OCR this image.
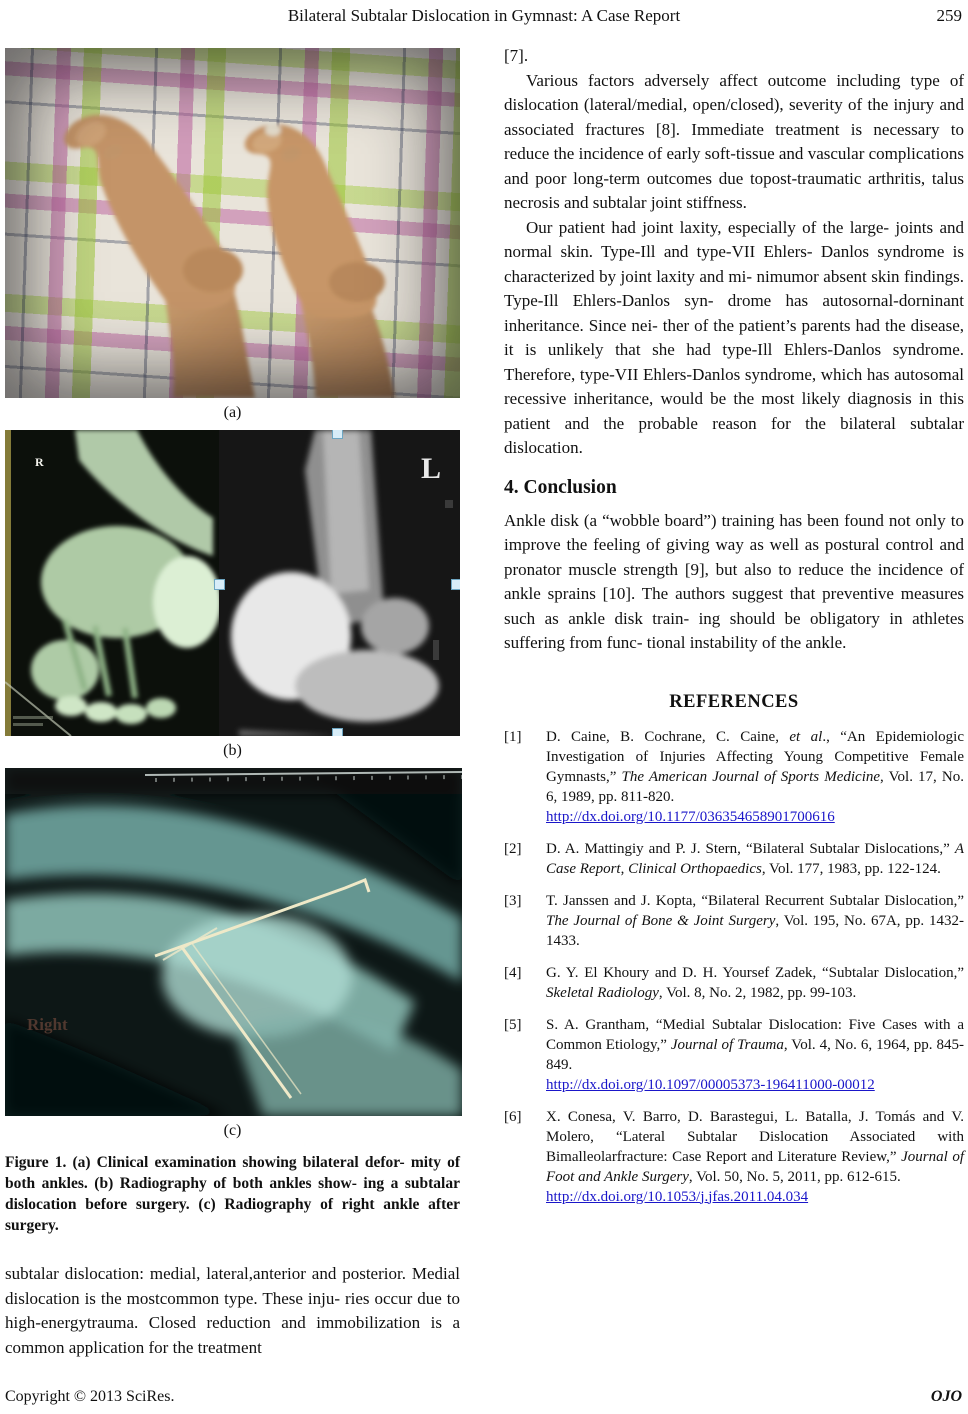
Bilateral Subtalar Dislocation in Gymnast: A Case Report	259
(a)
R	L
(b)
Right
(c)
Figure 1. (a) Clinical examination showing bilateral defor- mity of both ankles. (b) Radiography of both ankles show- ing a subtalar dislocation before surgery. (c) Radiography of right ankle after surgery.

subtalar dislocation: medial, lateral,anterior and posterior. Medial dislocation is the mostcommon type. These inju- ries occur due to high-energytrauma. Closed reduction and immobilization is a common application for the treatment

[7].

Various factors adversely affect outcome including type of dislocation (lateral/medial, open/closed), severity of the injury and associated fractures [8]. Immediate treatment is necessary to reduce the incidence of early soft-tissue and vascular complications and poor long-term outcomes due topost-traumatic arthritis, talus necrosis and subtalar joint stiffness.

Our patient had joint laxity, especially of the large- joints and normal skin. Type-Ill and type-VII Ehlers- Danlos syndrome is characterized by joint laxity and mi- nimumor absent skin findings. Type-Ill Ehlers-Danlos syn- drome has autosornal-dorninant inheritance. Since nei- ther of the patient’s parents had the disease, it is unlikely that she had type-Ill Ehlers-Danlos syndrome. Therefore, type-VII Ehlers-Danlos syndrome, which has autosomal recessive inheritance, would be the most likely diagnosis in this patient and the probable reason for the bilateral subtalar dislocation.

4. Conclusion

Ankle disk (a “wobble board”) training has been found not only to improve the feeling of giving way as well as postural control and pronator muscle strength [9], but also to reduce the incidence of ankle sprains [10]. The authors suggest that preventive measures such as ankle disk train- ing should be obligatory in athletes suffering from func- tional instability of the ankle.

REFERENCES
[1]	D. Caine, B. Cochrane, C. Caine, et al., “An Epidemiologic Investigation of Injuries Affecting Young Competitive Female Gymnasts,” The American Journal of Sports Medicine, Vol. 17, No. 6, 1989, pp. 811-820.
http://dx.doi.org/10.1177/036354658901700616
[2]	D. A. Mattingiy and P. J. Stern, “Bilateral Subtalar Dislocations,” A Case Report, Clinical Orthopaedics, Vol. 177, 1983, pp. 122-124.
[3]	T. Janssen and J. Kopta, “Bilateral Recurrent Subtalar Dislocation,” The Journal of Bone & Joint Surgery, Vol. 195, No. 67A, pp. 1432-1433.
[4]	G. Y. El Khoury and D. H. Yoursef Zadek, “Subtalar Dislocation,” Skeletal Radiology, Vol. 8, No. 2, 1982, pp. 99-103.
[5]	S. A. Grantham, “Medial Subtalar Dislocation: Five Cases with a Common Etiology,” Journal of Trauma, Vol. 4, No. 6, 1964, pp. 845-849.
http://dx.doi.org/10.1097/00005373-196411000-00012
[6]	X. Conesa, V. Barro, D. Barastegui, L. Batalla, J. Tomás and V. Molero, “Lateral Subtalar Dislocation Associated with Bimalleolarfracture: Case Report and Literature Review,” Journal of Foot and Ankle Surgery, Vol. 50, No. 5, 2011, pp. 612-615.
http://dx.doi.org/10.1053/j.jfas.2011.04.034
Copyright © 2013 SciRes.	OJO
